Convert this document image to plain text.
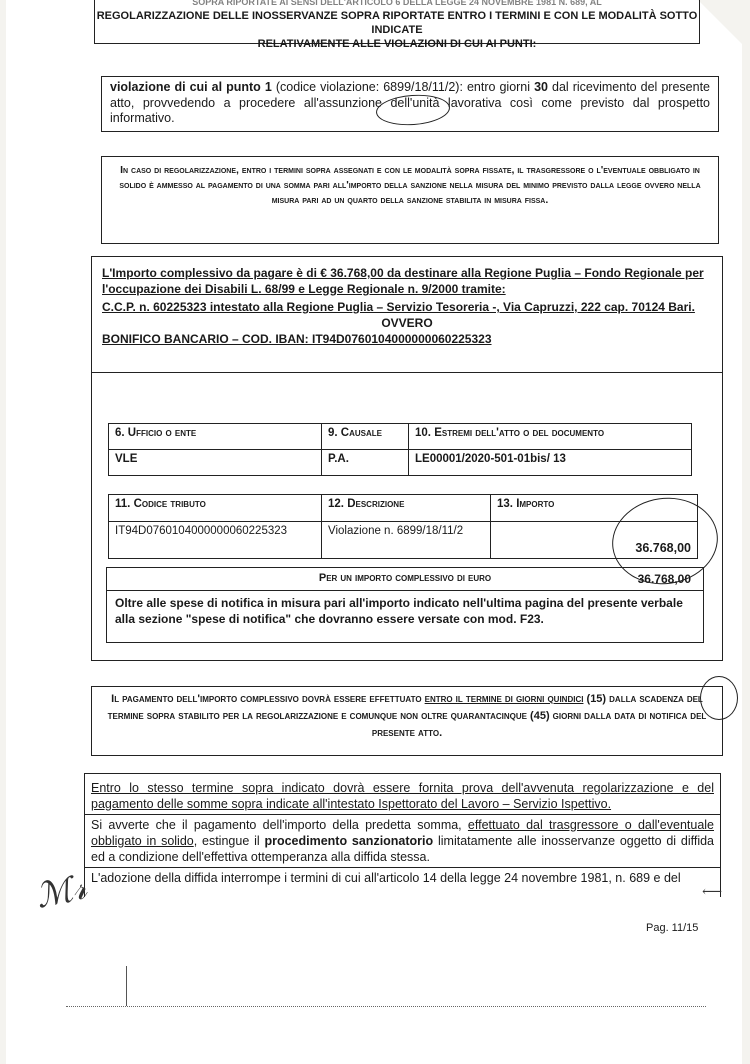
SOPRA RIPORTATE AI SENSI DELL'ARTICOLO 6 DELLA LEGGE 24 NOVEMBRE 1981 N. 689, AL

REGOLARIZZAZIONE DELLE INOSSERVANZE SOPRA RIPORTATE ENTRO I TERMINI E CON LE MODALITÀ SOTTO INDICATE

RELATIVAMENTE ALLE VIOLAZIONI DI CUI AI PUNTI:

violazione di cui al punto 1 (codice violazione: 6899/18/11/2): entro giorni 30 dal ricevimento del presente atto, provvedendo a procedere all'assunzione dell'unità lavorativa così come previsto dal prospetto informativo.

In caso di regolarizzazione, entro i termini sopra assegnati e con le modalità sopra fissate, il trasgressore o l'eventuale obbligato in solido è ammesso al pagamento di una somma pari all'importo della sanzione nella misura del minimo previsto dalla legge ovvero nella misura pari ad un quarto della sanzione stabilita in misura fissa.

L'Importo complessivo da pagare è di € 36.768,00 da destinare alla Regione Puglia – Fondo Regionale per l'occupazione dei Disabili L. 68/99 e Legge Regionale n. 9/2000 tramite:

C.C.P. n. 60225323 intestato alla Regione Puglia – Servizio Tesoreria -, Via Capruzzi, 222 cap. 70124 Bari.

OVVERO

BONIFICO BANCARIO – COD. IBAN: IT94D0760104000000060225323

6. Ufficio o ente	9. Causale	10. Estremi dell'atto o del documento
VLE	P.A.	LE00001/2020-501-01bis/ 13
11. Codice tributo	12. Descrizione	13. Importo
IT94D0760104000000060225323	Violazione n. 6899/18/11/2	36.768,00
Per un importo complessivo di euro	36.768,00

Oltre alle spese di notifica in misura pari all'importo indicato nell'ultima pagina del presente verbale alla sezione "spese di notifica" che dovranno essere versate con mod. F23.

Il pagamento dell'importo complessivo dovrà essere effettuato entro il termine di giorni quindici (15) dalla scadenza del termine sopra stabilito per la regolarizzazione e comunque non oltre quarantacinque (45) giorni dalla data di notifica del presente atto.

Entro lo stesso termine sopra indicato dovrà essere fornita prova dell'avvenuta regolarizzazione e del pagamento delle somme sopra indicate all'intestato Ispettorato del Lavoro – Servizio Ispettivo.

Si avverte che il pagamento dell'importo della predetta somma, effettuato dal trasgressore o dall'eventuale obbligato in solido, estingue il procedimento sanzionatorio limitatamente alle inosservanze oggetto di diffida ed a condizione dell'effettiva ottemperanza alla diffida stessa.
L'adozione della diffida interrompe i termini di cui all'articolo 14 della legge 24 novembre 1981, n. 689 e del
ℳ𝓇	⟵
Pag. 11/15
